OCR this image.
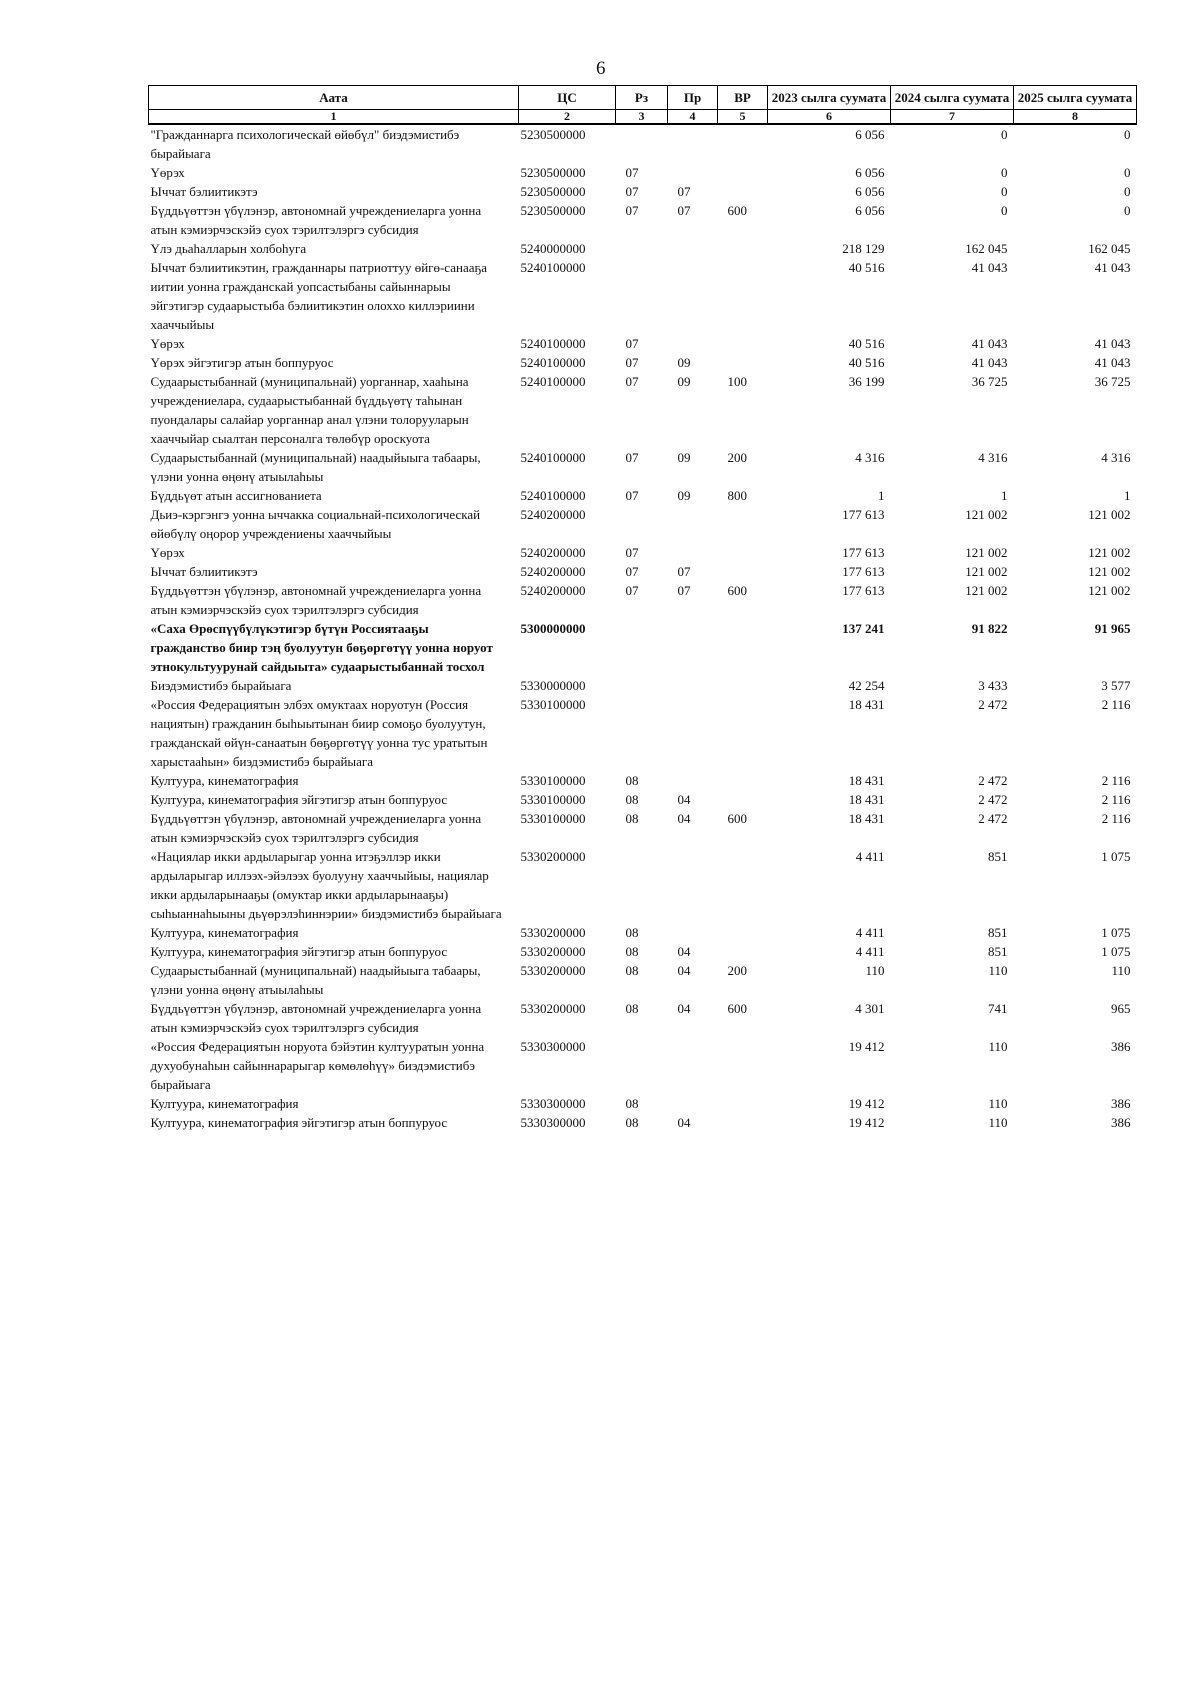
6
Аата	ЦС	Рз	Пр	ВР	2023 сылга суумата	2024 сылга суумата	2025 сылга суумата
1	2	3	4	5	6	7	8
"Гражданнарга психологическай өйөбүл" биэдэмистибэ бырайыага	5230500000				6 056	0	0
Үөрэх	5230500000	07			6 056	0	0
Ыччат бэлиитикэтэ	5230500000	07	07		6 056	0	0
Бүддьүөттэн үбүлэнэр, автономнай учреждениеларга уонна атын кэмиэрчэскэйэ суох тэрилтэлэргэ субсидия	5230500000	07	07	600	6 056	0	0
Үлэ дьаһалларын холбоһуга	5240000000				218 129	162 045	162 045
Ыччат бэлиитикэтин, гражданнары патриоттуу өйгө-санааҕа иитии уонна гражданскай уопсастыбаны сайыннарыы эйгэтигэр судаарыстыба бэлиитикэтин олоххо киллэриини хааччыйыы	5240100000				40 516	41 043	41 043
Үөрэх	5240100000	07			40 516	41 043	41 043
Үөрэх эйгэтигэр атын боппуруос	5240100000	07	09		40 516	41 043	41 043
Судаарыстыбаннай (муниципальнай) уорганнар, хааһына учреждениелара, судаарыстыбаннай бүддьүөтү таһынан пуондалары салайар уорганнар анал үлэни толорууларын хааччыйар сыалтан персоналга төлөбүр ороскуота	5240100000	07	09	100	36 199	36 725	36 725
Судаарыстыбаннай (муниципальнай) наадыйыыга табаары, үлэни уонна өңөнү атыылаһыы	5240100000	07	09	200	4 316	4 316	4 316
Бүддьүөт атын ассигнованиета	5240100000	07	09	800	1	1	1
Дьиэ-кэргэнгэ уонна ыччакка социальнай-психологическай өйөбүлү оңорор учреждениены хааччыйыы	5240200000				177 613	121 002	121 002
Үөрэх	5240200000	07			177 613	121 002	121 002
Ыччат бэлиитикэтэ	5240200000	07	07		177 613	121 002	121 002
Бүддьүөттэн үбүлэнэр, автономнай учреждениеларга уонна атын кэмиэрчэскэйэ суох тэрилтэлэргэ субсидия	5240200000	07	07	600	177 613	121 002	121 002
«Саха Өрөспүүбүлүкэтигэр бүтүн Россиятааҕы гражданство биир тэң буолуутун бөҕөргөтүү уонна норуот этнокультуурунай сайдыыта» судаарыстыбаннай тосхол	5300000000				137 241	91 822	91 965
Биэдэмистибэ бырайыага	5330000000				42 254	3 433	3 577
«Россия Федерациятын элбэх омуктаах норуотун (Россия нациятын) гражданин быһыытынан биир сомоҕо буолуутун, гражданскай өйүн-санаатын бөҕөргөтүү уонна тус уратытын харыстааһын» биэдэмистибэ бырайыага	5330100000				18 431	2 472	2 116
Култуура, кинематография	5330100000	08			18 431	2 472	2 116
Култуура, кинематография эйгэтигэр атын боппуруос	5330100000	08	04		18 431	2 472	2 116
Бүддьүөттэн үбүлэнэр, автономнай учреждениеларга уонна атын кэмиэрчэскэйэ суох тэрилтэлэргэ субсидия	5330100000	08	04	600	18 431	2 472	2 116
«Нациялар икки ардыларыгар уонна итэҕэллэр икки ардыларыгар иллээх-эйэлээх буолууну хааччыйыы, нациялар икки ардыларынааҕы (омуктар икки ардыларынааҕы) сыһыаннаһыыны дьүөрэлэһиннэрии» биэдэмистибэ бырайыага	5330200000				4 411	851	1 075
Култуура, кинематография	5330200000	08			4 411	851	1 075
Култуура, кинематография эйгэтигэр атын боппуруос	5330200000	08	04		4 411	851	1 075
Судаарыстыбаннай (муниципальнай) наадыйыыга табаары, үлэни уонна өңөнү атыылаһыы	5330200000	08	04	200	110	110	110
Бүддьүөттэн үбүлэнэр, автономнай учреждениеларга уонна атын кэмиэрчэскэйэ суох тэрилтэлэргэ субсидия	5330200000	08	04	600	4 301	741	965
«Россия Федерациятын норуота бэйэтин култууратын уонна духуобунаһын сайыннарарыгар көмөлөһүү» биэдэмистибэ бырайыага	5330300000				19 412	110	386
Култуура, кинематография	5330300000	08			19 412	110	386
Култуура, кинематография эйгэтигэр атын боппуруос	5330300000	08	04		19 412	110	386
